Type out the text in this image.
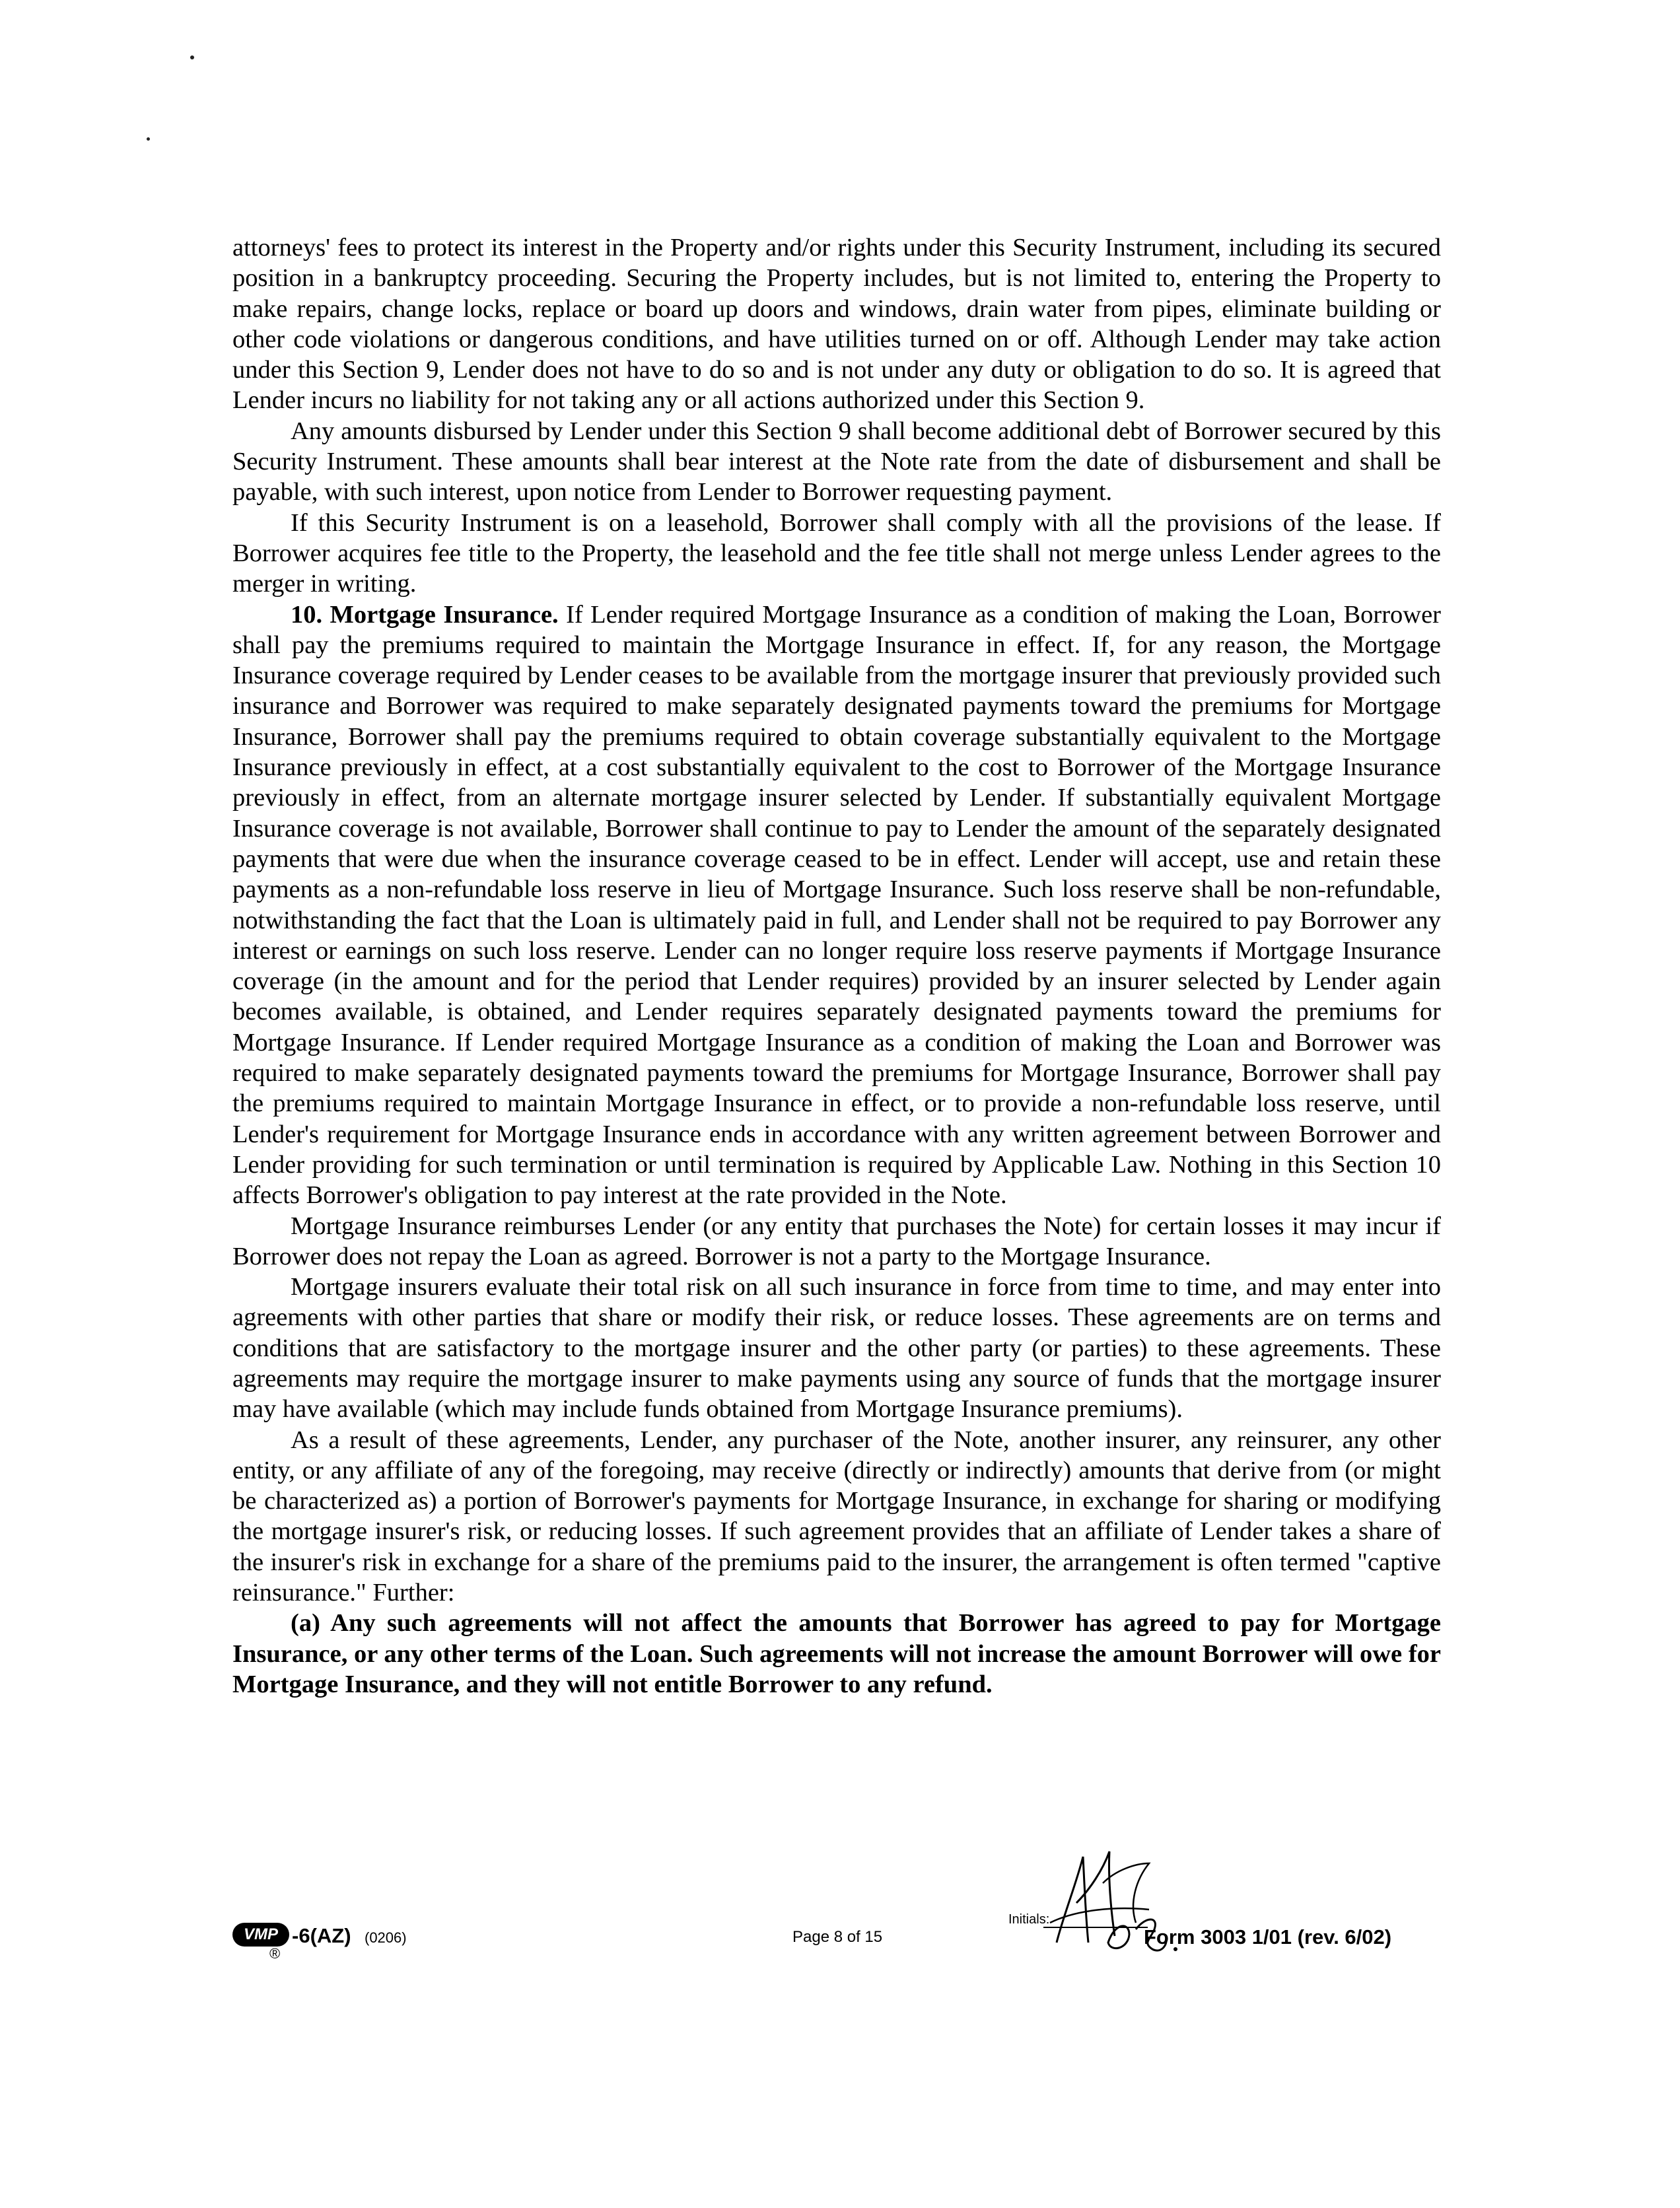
attorneys' fees to protect its interest in the Property and/or rights under this Security Instrument, including its secured position in a bankruptcy proceeding. Securing the Property includes, but is not limited to, entering the Property to make repairs, change locks, replace or board up doors and windows, drain water from pipes, eliminate building or other code violations or dangerous conditions, and have utilities turned on or off. Although Lender may take action under this Section 9, Lender does not have to do so and is not under any duty or obligation to do so. It is agreed that Lender incurs no liability for not taking any or all actions authorized under this Section 9.

Any amounts disbursed by Lender under this Section 9 shall become additional debt of Borrower secured by this Security Instrument. These amounts shall bear interest at the Note rate from the date of disbursement and shall be payable, with such interest, upon notice from Lender to Borrower requesting payment.

If this Security Instrument is on a leasehold, Borrower shall comply with all the provisions of the lease. If Borrower acquires fee title to the Property, the leasehold and the fee title shall not merge unless Lender agrees to the merger in writing.

10. Mortgage Insurance. If Lender required Mortgage Insurance as a condition of making the Loan, Borrower shall pay the premiums required to maintain the Mortgage Insurance in effect. If, for any reason, the Mortgage Insurance coverage required by Lender ceases to be available from the mortgage insurer that previously provided such insurance and Borrower was required to make separately designated payments toward the premiums for Mortgage Insurance, Borrower shall pay the premiums required to obtain coverage substantially equivalent to the Mortgage Insurance previously in effect, at a cost substantially equivalent to the cost to Borrower of the Mortgage Insurance previously in effect, from an alternate mortgage insurer selected by Lender. If substantially equivalent Mortgage Insurance coverage is not available, Borrower shall continue to pay to Lender the amount of the separately designated payments that were due when the insurance coverage ceased to be in effect. Lender will accept, use and retain these payments as a non-refundable loss reserve in lieu of Mortgage Insurance. Such loss reserve shall be non-refundable, notwithstanding the fact that the Loan is ultimately paid in full, and Lender shall not be required to pay Borrower any interest or earnings on such loss reserve. Lender can no longer require loss reserve payments if Mortgage Insurance coverage (in the amount and for the period that Lender requires) provided by an insurer selected by Lender again becomes available, is obtained, and Lender requires separately designated payments toward the premiums for Mortgage Insurance. If Lender required Mortgage Insurance as a condition of making the Loan and Borrower was required to make separately designated payments toward the premiums for Mortgage Insurance, Borrower shall pay the premiums required to maintain Mortgage Insurance in effect, or to provide a non-refundable loss reserve, until Lender's requirement for Mortgage Insurance ends in accordance with any written agreement between Borrower and Lender providing for such termination or until termination is required by Applicable Law. Nothing in this Section 10 affects Borrower's obligation to pay interest at the rate provided in the Note.

Mortgage Insurance reimburses Lender (or any entity that purchases the Note) for certain losses it may incur if Borrower does not repay the Loan as agreed. Borrower is not a party to the Mortgage Insurance.

Mortgage insurers evaluate their total risk on all such insurance in force from time to time, and may enter into agreements with other parties that share or modify their risk, or reduce losses. These agreements are on terms and conditions that are satisfactory to the mortgage insurer and the other party (or parties) to these agreements. These agreements may require the mortgage insurer to make payments using any source of funds that the mortgage insurer may have available (which may include funds obtained from Mortgage Insurance premiums).

As a result of these agreements, Lender, any purchaser of the Note, another insurer, any reinsurer, any other entity, or any affiliate of any of the foregoing, may receive (directly or indirectly) amounts that derive from (or might be characterized as) a portion of Borrower's payments for Mortgage Insurance, in exchange for sharing or modifying the mortgage insurer's risk, or reducing losses. If such agreement provides that an affiliate of Lender takes a share of the insurer's risk in exchange for a share of the premiums paid to the insurer, the arrangement is often termed "captive reinsurance." Further:

(a) Any such agreements will not affect the amounts that Borrower has agreed to pay for Mortgage Insurance, or any other terms of the Loan. Such agreements will not increase the amount Borrower will owe for Mortgage Insurance, and they will not entitle Borrower to any refund.

VMP
®
-6(AZ) (0206)	Page 8 of 15
Initials:
Form 3003 1/01 (rev. 6/02)
